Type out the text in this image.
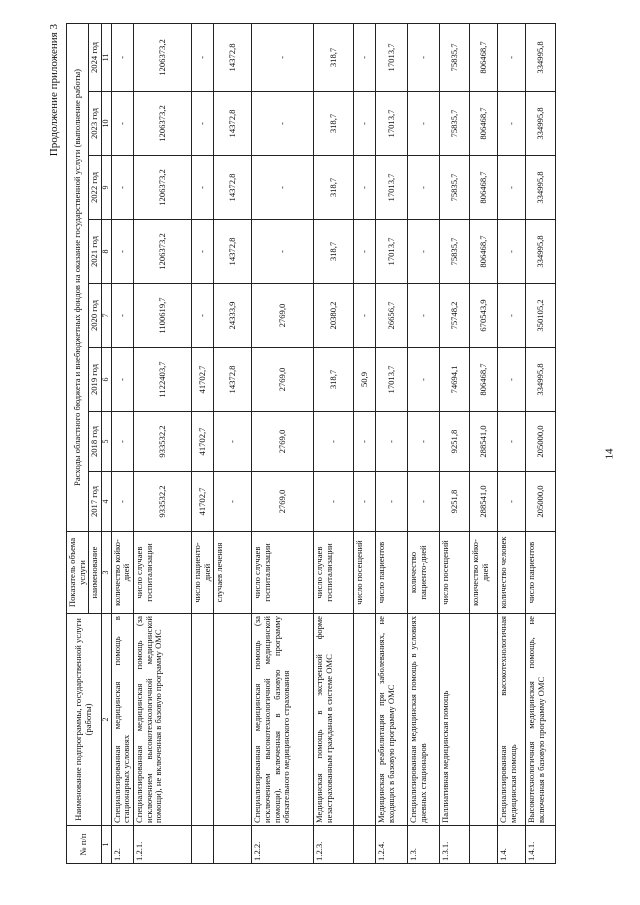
14
Продолжение приложения 3
№ п/п	Наименование подпрограммы, государственной услуги (работы)	Показатель объема услуги	Расходы областного бюджета и внебюджетных фондов на оказание государственной услуги (выполнение работы)							
		наименование	2017 год	2018 год	2019 год	2020 год	2021 год	2022 год	2023 год	2024 год
1	2	3	4	5	6	7	8	9	10	11
1.2.	Специализированная медицинская помощь в стационарных условиях	количество койко-дней	-	-	-	-	-	-	-	-
1.2.1.	Специализированная медицинская помощь (за исключением высокотехнологичной медицинской помощи), не включенная в базовую программу ОМС	число случаев госпитализации	933532,2	933532,2	1122403,7	1100619,7	1206373,2	1206373,2	1206373,2	1206373,2
		число пациенто-дней	41702,7	41702,7	41702,7	-	-	-	-	-
		случаев лечения	-	-	14372,8	24333,9	14372,8	14372,8	14372,8	14372,8
1.2.2.	Специализированная медицинская помощь (за исключением высокотехнологичной медицинской помощи), включенная в базовую программу обязательного медицинского страхования	число случаев госпитализации	2769,0	2769,0	2769,0	2769,0	-	-	-	-
1.2.3.	Медицинская помощь в экстренной форме незастрахованным гражданам в системе ОМС	число случаев госпитализации	-	-	318,7	20380,2	318,7	318,7	318,7	318,7
		число посещений	-	-	50,9	-	-	-	-	-
1.2.4.	Медицинская реабилитация при заболеваниях, не входящих в базовую программу ОМС	число пациентов	-	-	17013,7	26656,7	17013,7	17013,7	17013,7	17013,7
1.3.	Специализированная медицинская помощь в условиях дневных стационаров	количество пациенто-дней	-	-	-	-	-	-	-	-
1.3.1.	Паллиативная медицинская помощь	число посещений	9251,8	9251,8	74694,1	75748,2	75835,7	75835,7	75835,7	75835,7
		количество койко-дней	288541,0	288541,0	806468,7	670543,9	806468,7	806468,7	806468,7	806468,7
1.4.	Специализированная высокотехнологичная медицинская помощь	количество человек	-	-	-	-	-	-	-	-
1.4.1.	Высокотехнологичная медицинская помощь, не включенная в базовую программу ОМС	число пациентов	205000,0	205000,0	334995,8	350105,2	334995,8	334995,8	334995,8	334995,8
